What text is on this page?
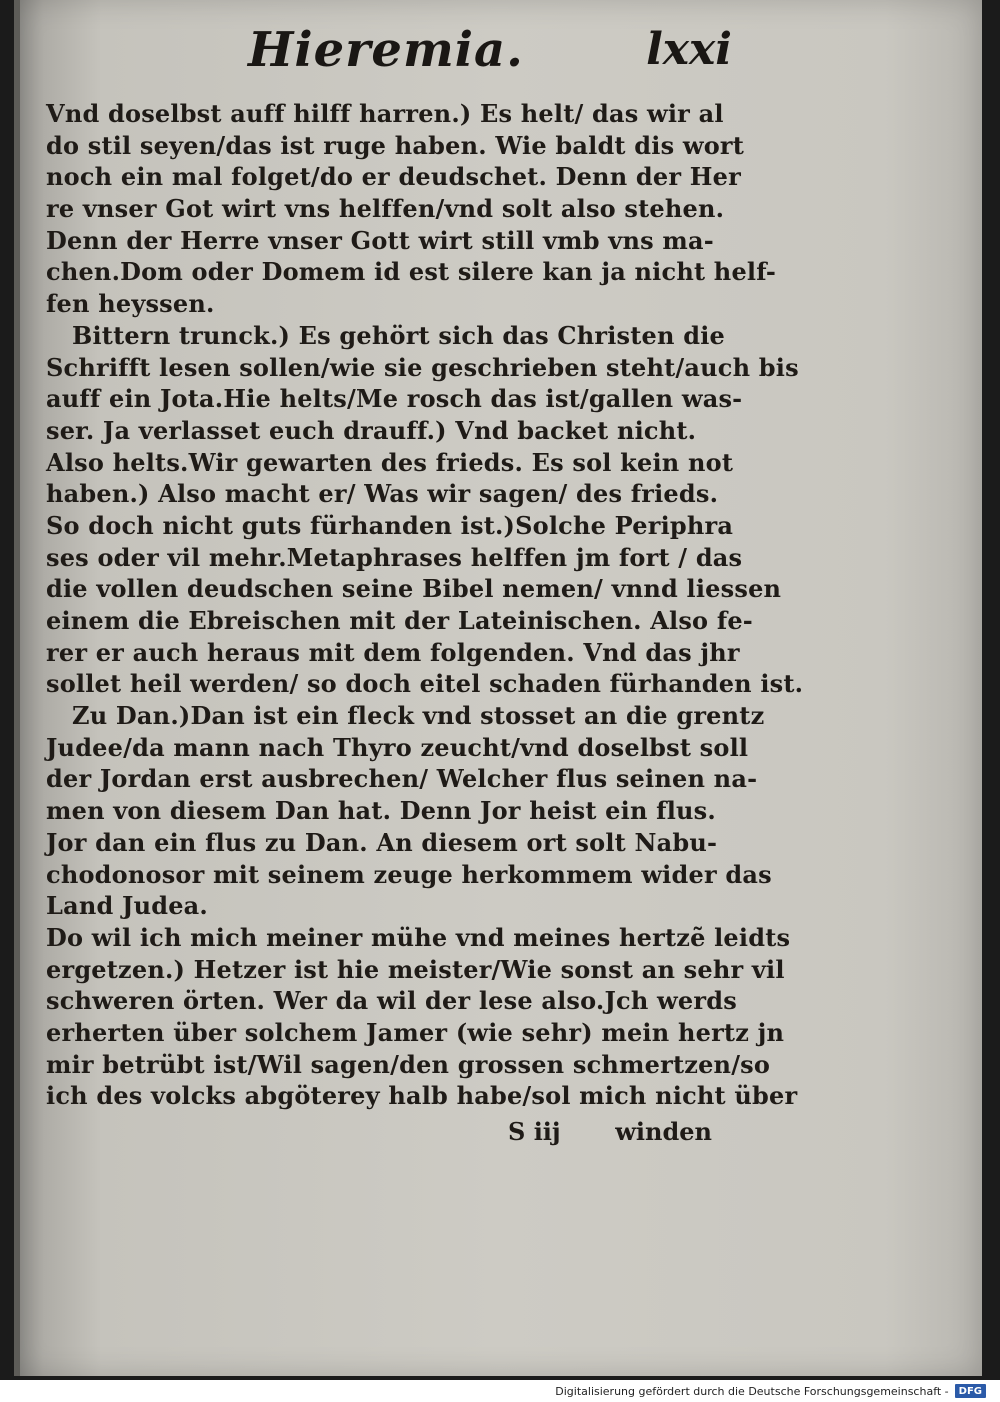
Hieremia.	lxxi
Vnd doselbst auff hilff harren.) Es helt/ das wir al
do stil seyen/das ist ruge haben. Wie baldt dis wort
noch ein mal folget/do er deudschet. Denn der Her
re vnser Got wirt vns helffen/vnd solt also stehen.
Denn der Herre vnser Gott wirt still vmb vns ma-
chen.Dom oder Domem id est silere kan ja nicht helf-
fen heyssen.
Bittern trunck.) Es gehört sich das Christen die
Schrifft lesen sollen/wie sie geschrieben steht/auch bis
auff ein Jota.Hie helts/Me rosch das ist/gallen was-
ser. Ja verlasset euch drauff.) Vnd backet nicht.
Also helts.Wir gewarten des frieds. Es sol kein not
haben.) Also macht er/ Was wir sagen/ des frieds.
So doch nicht guts fürhanden ist.)Solche Periphra
ses oder vil mehr.Metaphrases helffen jm fort / das
die vollen deudschen seine Bibel nemen/ vnnd liessen
einem die Ebreischen mit der Lateinischen. Also fe-
rer er auch heraus mit dem folgenden. Vnd das jhr
sollet heil werden/ so doch eitel schaden fürhanden ist.
Zu Dan.)Dan ist ein fleck vnd stosset an die grentz
Judee/da mann nach Thyro zeucht/vnd doselbst soll
der Jordan erst ausbrechen/ Welcher flus seinen na-
men von diesem Dan hat. Denn Jor heist ein flus.
Jor dan ein flus zu Dan. An diesem ort solt Nabu-
chodonosor mit seinem zeuge herkommem wider das
Land Judea.
Do wil ich mich meiner mühe vnd meines hertzẽ leidts
ergetzen.) Hetzer ist hie meister/Wie sonst an sehr vil
schweren örten. Wer da wil der lese also.Jch werds
erherten über solchem Jamer (wie sehr) mein hertz jn
mir betrübt ist/Wil sagen/den grossen schmertzen/so
ich des volcks abgöterey halb habe/sol mich nicht über
S iij winden
Digitalisierung gefördert durch die Deutsche Forschungsgemeinschaft -	DFG
